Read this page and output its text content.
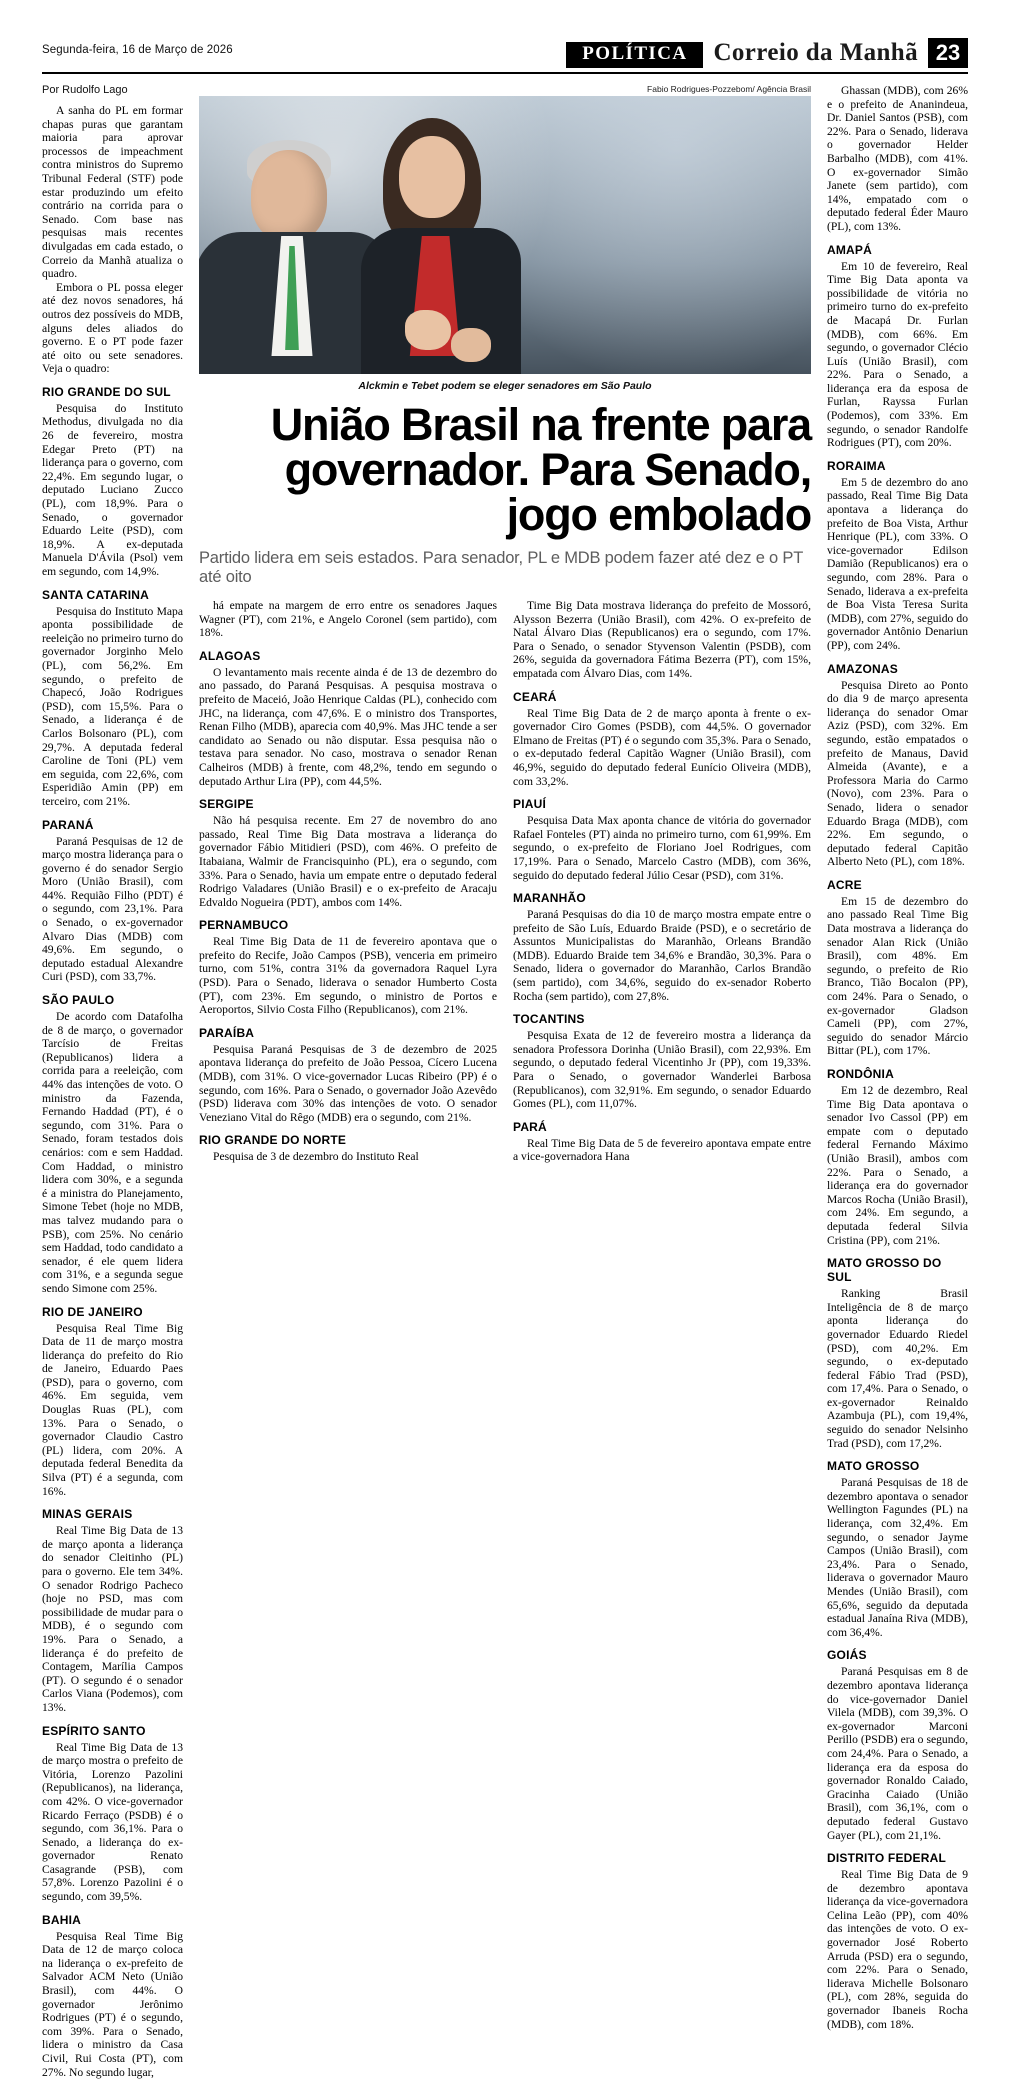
Segunda-feira, 16 de Março de 2026	POLÍTICA	Correio da Manhã 23
Por Rudolfo Lago

A sanha do PL em formar chapas puras que garantam maioria para aprovar processos de impeachment contra ministros do Supremo Tribunal Federal (STF) pode estar produzindo um efeito contrário na corrida para o Senado. Com base nas pesquisas mais recentes divulgadas em cada estado, o Correio da Manhã atualiza o quadro.

Embora o PL possa eleger até dez novos senadores, há outros dez possíveis do MDB, alguns deles aliados do governo. E o PT pode fazer até oito ou sete senadores. Veja o quadro:

RIO GRANDE DO SUL

Pesquisa do Instituto Methodus, divulgada no dia 26 de fevereiro, mostra Edegar Preto (PT) na liderança para o governo, com 22,4%. Em segundo lugar, o deputado Luciano Zucco (PL), com 18,9%. Para o Senado, o governador Eduardo Leite (PSD), com 18,9%. A ex-deputada Manuela D'Ávila (Psol) vem em segundo, com 14,9%.

SANTA CATARINA

Pesquisa do Instituto Mapa aponta possibilidade de reeleição no primeiro turno do governador Jorginho Melo (PL), com 56,2%. Em segundo, o prefeito de Chapecó, João Rodrigues (PSD), com 15,5%. Para o Senado, a liderança é de Carlos Bolsonaro (PL), com 29,7%. A deputada federal Caroline de Toni (PL) vem em seguida, com 22,6%, com Esperidião Amin (PP) em terceiro, com 21%.

PARANÁ

Paraná Pesquisas de 12 de março mostra liderança para o governo é do senador Sergio Moro (União Brasil), com 44%. Requião Filho (PDT) é o segundo, com 23,1%. Para o Senado, o ex-governador Alvaro Dias (MDB) com 49,6%. Em segundo, o deputado estadual Alexandre Curi (PSD), com 33,7%.

SÃO PAULO

De acordo com Datafolha de 8 de março, o governador Tarcísio de Freitas (Republicanos) lidera a corrida para a reeleição, com 44% das intenções de voto. O ministro da Fazenda, Fernando Haddad (PT), é o segundo, com 31%. Para o Senado, foram testados dois cenários: com e sem Haddad. Com Haddad, o ministro lidera com 30%, e a segunda é a ministra do Planejamento, Simone Tebet (hoje no MDB, mas talvez mudando para o PSB), com 25%. No cenário sem Haddad, todo candidato a senador, é ele quem lidera com 31%, e a segunda segue sendo Simone com 25%.

RIO DE JANEIRO

Pesquisa Real Time Big Data de 11 de março mostra liderança do prefeito do Rio de Janeiro, Eduardo Paes (PSD), para o governo, com 46%. Em seguida, vem Douglas Ruas (PL), com 13%. Para o Senado, o governador Claudio Castro (PL) lidera, com 20%. A deputada federal Benedita da Silva (PT) é a segunda, com 16%.

MINAS GERAIS

Real Time Big Data de 13 de março aponta a liderança do senador Cleitinho (PL) para o governo. Ele tem 34%. O senador Rodrigo Pacheco (hoje no PSD, mas com possibilidade de mudar para o MDB), é o segundo com 19%. Para o Senado, a liderança é do prefeito de Contagem, Marília Campos (PT). O segundo é o senador Carlos Viana (Podemos), com 13%.

ESPÍRITO SANTO

Real Time Big Data de 13 de março mostra o prefeito de Vitória, Lorenzo Pazolini (Republicanos), na liderança, com 42%. O vice-governador Ricardo Ferraço (PSDB) é o segundo, com 36,1%. Para o Senado, a liderança do ex-governador Renato Casagrande (PSB), com 57,8%. Lorenzo Pazolini é o segundo, com 39,5%.

BAHIA

Pesquisa Real Time Big Data de 12 de março coloca na liderança o ex-prefeito de Salvador ACM Neto (União Brasil), com 44%. O governador Jerônimo Rodrigues (PT) é o segundo, com 39%. Para o Senado, lidera o ministro da Casa Civil, Rui Costa (PT), com 27%. No segundo lugar,

Fabio Rodrigues-Pozzebom/ Agência Brasil
Alckmin e Tebet podem se eleger senadores em São Paulo
União Brasil na frente para governador. Para Senado, jogo embolado
Partido lidera em seis estados. Para senador, PL e MDB podem fazer até dez e o PT até oito

há empate na margem de erro entre os senadores Jaques Wagner (PT), com 21%, e Angelo Coronel (sem partido), com 18%.

ALAGOAS

O levantamento mais recente ainda é de 13 de dezembro do ano passado, do Paraná Pesquisas. A pesquisa mostrava o prefeito de Maceió, João Henrique Caldas (PL), conhecido com JHC, na liderança, com 47,6%. E o ministro dos Transportes, Renan Filho (MDB), aparecia com 40,9%. Mas JHC tende a ser candidato ao Senado ou não disputar. Essa pesquisa não o testava para senador. No caso, mostrava o senador Renan Calheiros (MDB) à frente, com 48,2%, tendo em segundo o deputado Arthur Lira (PP), com 44,5%.

SERGIPE

Não há pesquisa recente. Em 27 de novembro do ano passado, Real Time Big Data mostrava a liderança do governador Fábio Mitidieri (PSD), com 46%. O prefeito de Itabaiana, Walmir de Francisquinho (PL), era o segundo, com 33%. Para o Senado, havia um empate entre o deputado federal Rodrigo Valadares (União Brasil) e o ex-prefeito de Aracaju Edvaldo Nogueira (PDT), ambos com 14%.

PERNAMBUCO

Real Time Big Data de 11 de fevereiro apontava que o prefeito do Recife, João Campos (PSB), venceria em primeiro turno, com 51%, contra 31% da governadora Raquel Lyra (PSD). Para o Senado, liderava o senador Humberto Costa (PT), com 23%. Em segundo, o ministro de Portos e Aeroportos, Silvio Costa Filho (Republicanos), com 21%.

PARAÍBA

Pesquisa Paraná Pesquisas de 3 de dezembro de 2025 apontava liderança do prefeito de João Pessoa, Cícero Lucena (MDB), com 31%. O vice-governador Lucas Ribeiro (PP) é o segundo, com 16%. Para o Senado, o governador João Azevêdo (PSD) liderava com 30% das intenções de voto. O senador Veneziano Vital do Rêgo (MDB) era o segundo, com 21%.

RIO GRANDE DO NORTE

Pesquisa de 3 de dezembro do Instituto Real

Time Big Data mostrava liderança do prefeito de Mossoró, Alysson Bezerra (União Brasil), com 42%. O ex-prefeito de Natal Álvaro Dias (Republicanos) era o segundo, com 17%. Para o Senado, o senador Styvenson Valentin (PSDB), com 26%, seguida da governadora Fátima Bezerra (PT), com 15%, empatada com Álvaro Dias, com 14%.

CEARÁ

Real Time Big Data de 2 de março aponta à frente o ex-governador Ciro Gomes (PSDB), com 44,5%. O governador Elmano de Freitas (PT) é o segundo com 35,3%. Para o Senado, o ex-deputado federal Capitão Wagner (União Brasil), com 46,9%, seguido do deputado federal Eunício Oliveira (MDB), com 33,2%.

PIAUÍ

Pesquisa Data Max aponta chance de vitória do governador Rafael Fonteles (PT) ainda no primeiro turno, com 61,99%. Em segundo, o ex-prefeito de Floriano Joel Rodrigues, com 17,19%. Para o Senado, Marcelo Castro (MDB), com 36%, seguido do deputado federal Júlio Cesar (PSD), com 31%.

MARANHÃO

Paraná Pesquisas do dia 10 de março mostra empate entre o prefeito de São Luís, Eduardo Braide (PSD), e o secretário de Assuntos Municipalistas do Maranhão, Orleans Brandão (MDB). Eduardo Braide tem 34,6% e Brandão, 30,3%. Para o Senado, lidera o governador do Maranhão, Carlos Brandão (sem partido), com 34,6%, seguido do ex-senador Roberto Rocha (sem partido), com 27,8%.

TOCANTINS

Pesquisa Exata de 12 de fevereiro mostra a liderança da senadora Professora Dorinha (União Brasil), com 22,93%. Em segundo, o deputado federal Vicentinho Jr (PP), com 19,33%. Para o Senado, o governador Wanderlei Barbosa (Republicanos), com 32,91%. Em segundo, o senador Eduardo Gomes (PL), com 11,07%.

PARÁ

Real Time Big Data de 5 de fevereiro apontava empate entre a vice-governadora Hana

Ghassan (MDB), com 26% e o prefeito de Ananindeua, Dr. Daniel Santos (PSB), com 22%. Para o Senado, liderava o governador Helder Barbalho (MDB), com 41%. O ex-governador Simão Janete (sem partido), com 14%, empatado com o deputado federal Éder Mauro (PL), com 13%.

AMAPÁ

Em 10 de fevereiro, Real Time Big Data aponta va possibilidade de vitória no primeiro turno do ex-prefeito de Macapá Dr. Furlan (MDB), com 66%. Em segundo, o governador Clécio Luís (União Brasil), com 22%. Para o Senado, a liderança era da esposa de Furlan, Rayssa Furlan (Podemos), com 33%. Em segundo, o senador Randolfe Rodrigues (PT), com 20%.

RORAIMA

Em 5 de dezembro do ano passado, Real Time Big Data apontava a liderança do prefeito de Boa Vista, Arthur Henrique (PL), com 33%. O vice-governador Edilson Damião (Republicanos) era o segundo, com 28%. Para o Senado, liderava a ex-prefeita de Boa Vista Teresa Surita (MDB), com 27%, seguido do governador Antônio Denariun (PP), com 24%.

AMAZONAS

Pesquisa Direto ao Ponto do dia 9 de março apresenta liderança do senador Omar Aziz (PSD), com 32%. Em segundo, estão empatados o prefeito de Manaus, David Almeida (Avante), e a Professora Maria do Carmo (Novo), com 23%. Para o Senado, lidera o senador Eduardo Braga (MDB), com 22%. Em segundo, o deputado federal Capitão Alberto Neto (PL), com 18%.

ACRE

Em 15 de dezembro do ano passado Real Time Big Data mostrava a liderança do senador Alan Rick (União Brasil), com 48%. Em segundo, o prefeito de Rio Branco, Tião Bocalon (PP), com 24%. Para o Senado, o ex-governador Gladson Cameli (PP), com 27%, seguido do senador Márcio Bittar (PL), com 17%.

RONDÔNIA

Em 12 de dezembro, Real Time Big Data apontava o senador Ivo Cassol (PP) em empate com o deputado federal Fernando Máximo (União Brasil), ambos com 22%. Para o Senado, a liderança era do governador Marcos Rocha (União Brasil), com 24%. Em segundo, a deputada federal Silvia Cristina (PP), com 21%.

MATO GROSSO DO SUL

Ranking Brasil Inteligência de 8 de março aponta liderança do governador Eduardo Riedel (PSD), com 40,2%. Em segundo, o ex-deputado federal Fábio Trad (PSD), com 17,4%. Para o Senado, o ex-governador Reinaldo Azambuja (PL), com 19,4%, seguido do senador Nelsinho Trad (PSD), com 17,2%.

MATO GROSSO

Paraná Pesquisas de 18 de dezembro apontava o senador Wellington Fagundes (PL) na liderança, com 32,4%. Em segundo, o senador Jayme Campos (União Brasil), com 23,4%. Para o Senado, liderava o governador Mauro Mendes (União Brasil), com 65,6%, seguido da deputada estadual Janaína Riva (MDB), com 36,4%.

GOIÁS

Paraná Pesquisas em 8 de dezembro apontava liderança do vice-governador Daniel Vilela (MDB), com 39,3%. O ex-governador Marconi Perillo (PSDB) era o segundo, com 24,4%. Para o Senado, a liderança era da esposa do governador Ronaldo Caiado, Gracinha Caiado (União Brasil), com 36,1%, com o deputado federal Gustavo Gayer (PL), com 21,1%.

DISTRITO FEDERAL

Real Time Big Data de 9 de dezembro apontava liderança da vice-governadora Celina Leão (PP), com 40% das intenções de voto. O ex-governador José Roberto Arruda (PSD) era o segundo, com 22%. Para o Senado, liderava Michelle Bolsonaro (PL), com 28%, seguida do governador Ibaneis Rocha (MDB), com 18%.
